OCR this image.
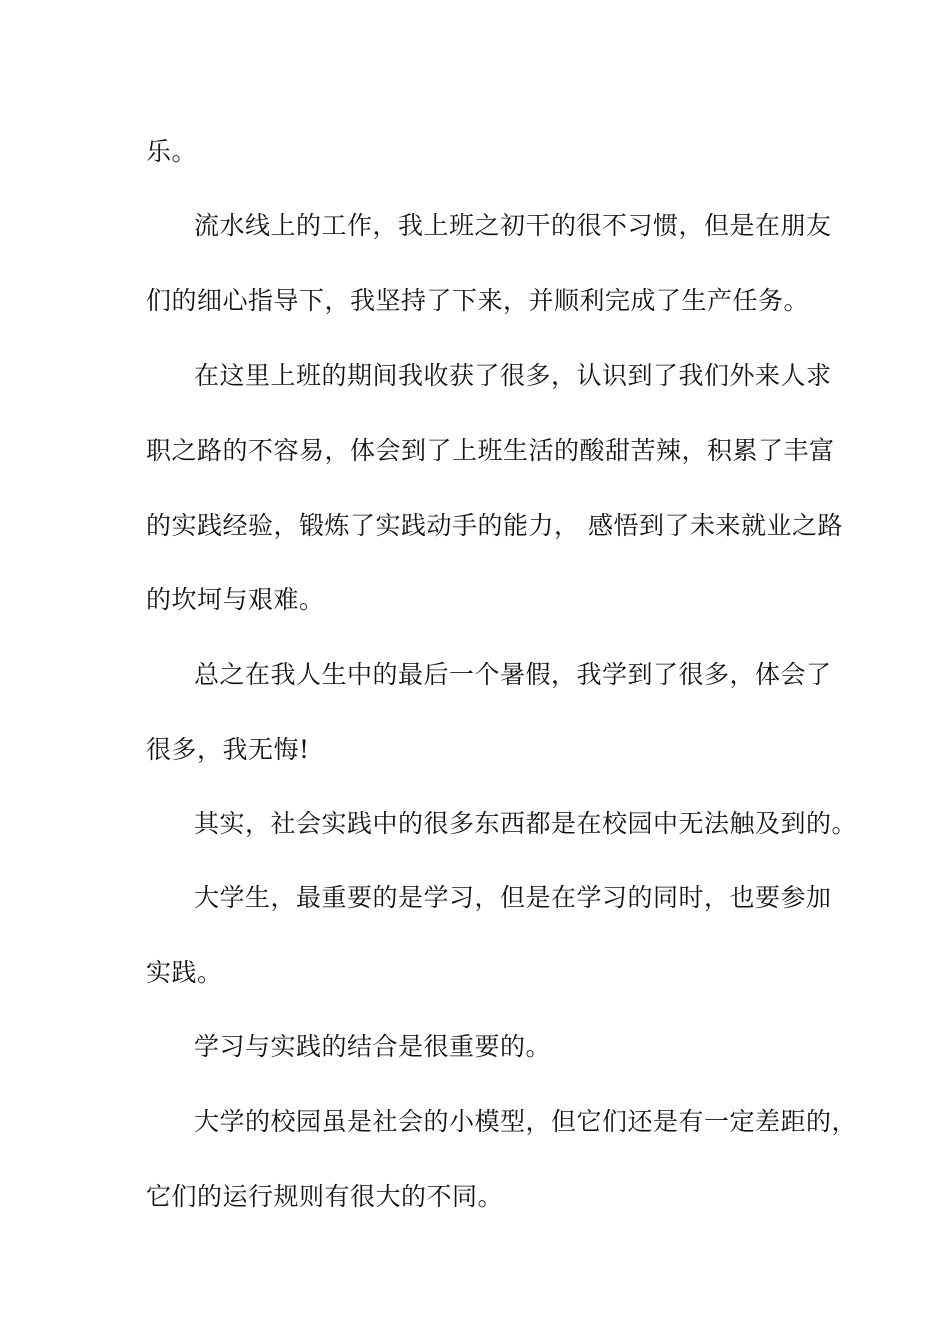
乐。

流水线上的工作，我上班之初干的很不习惯，但是在朋友

们的细心指导下，我坚持了下来，并顺利完成了生产任务。

在这里上班的期间我收获了很多，认识到了我们外来人求

职之路的不容易，体会到了上班生活的酸甜苦辣，积累了丰富

的实践经验，锻炼了实践动手的能力， 感悟到了未来就业之路

的坎坷与艰难。

总之在我人生中的最后一个暑假，我学到了很多，体会了

很多，我无悔!

其实，社会实践中的很多东西都是在校园中无法触及到的。

大学生，最重要的是学习，但是在学习的同时，也要参加

实践。

学习与实践的结合是很重要的。

大学的校园虽是社会的小模型，但它们还是有一定差距的，

它们的运行规则有很大的不同。
